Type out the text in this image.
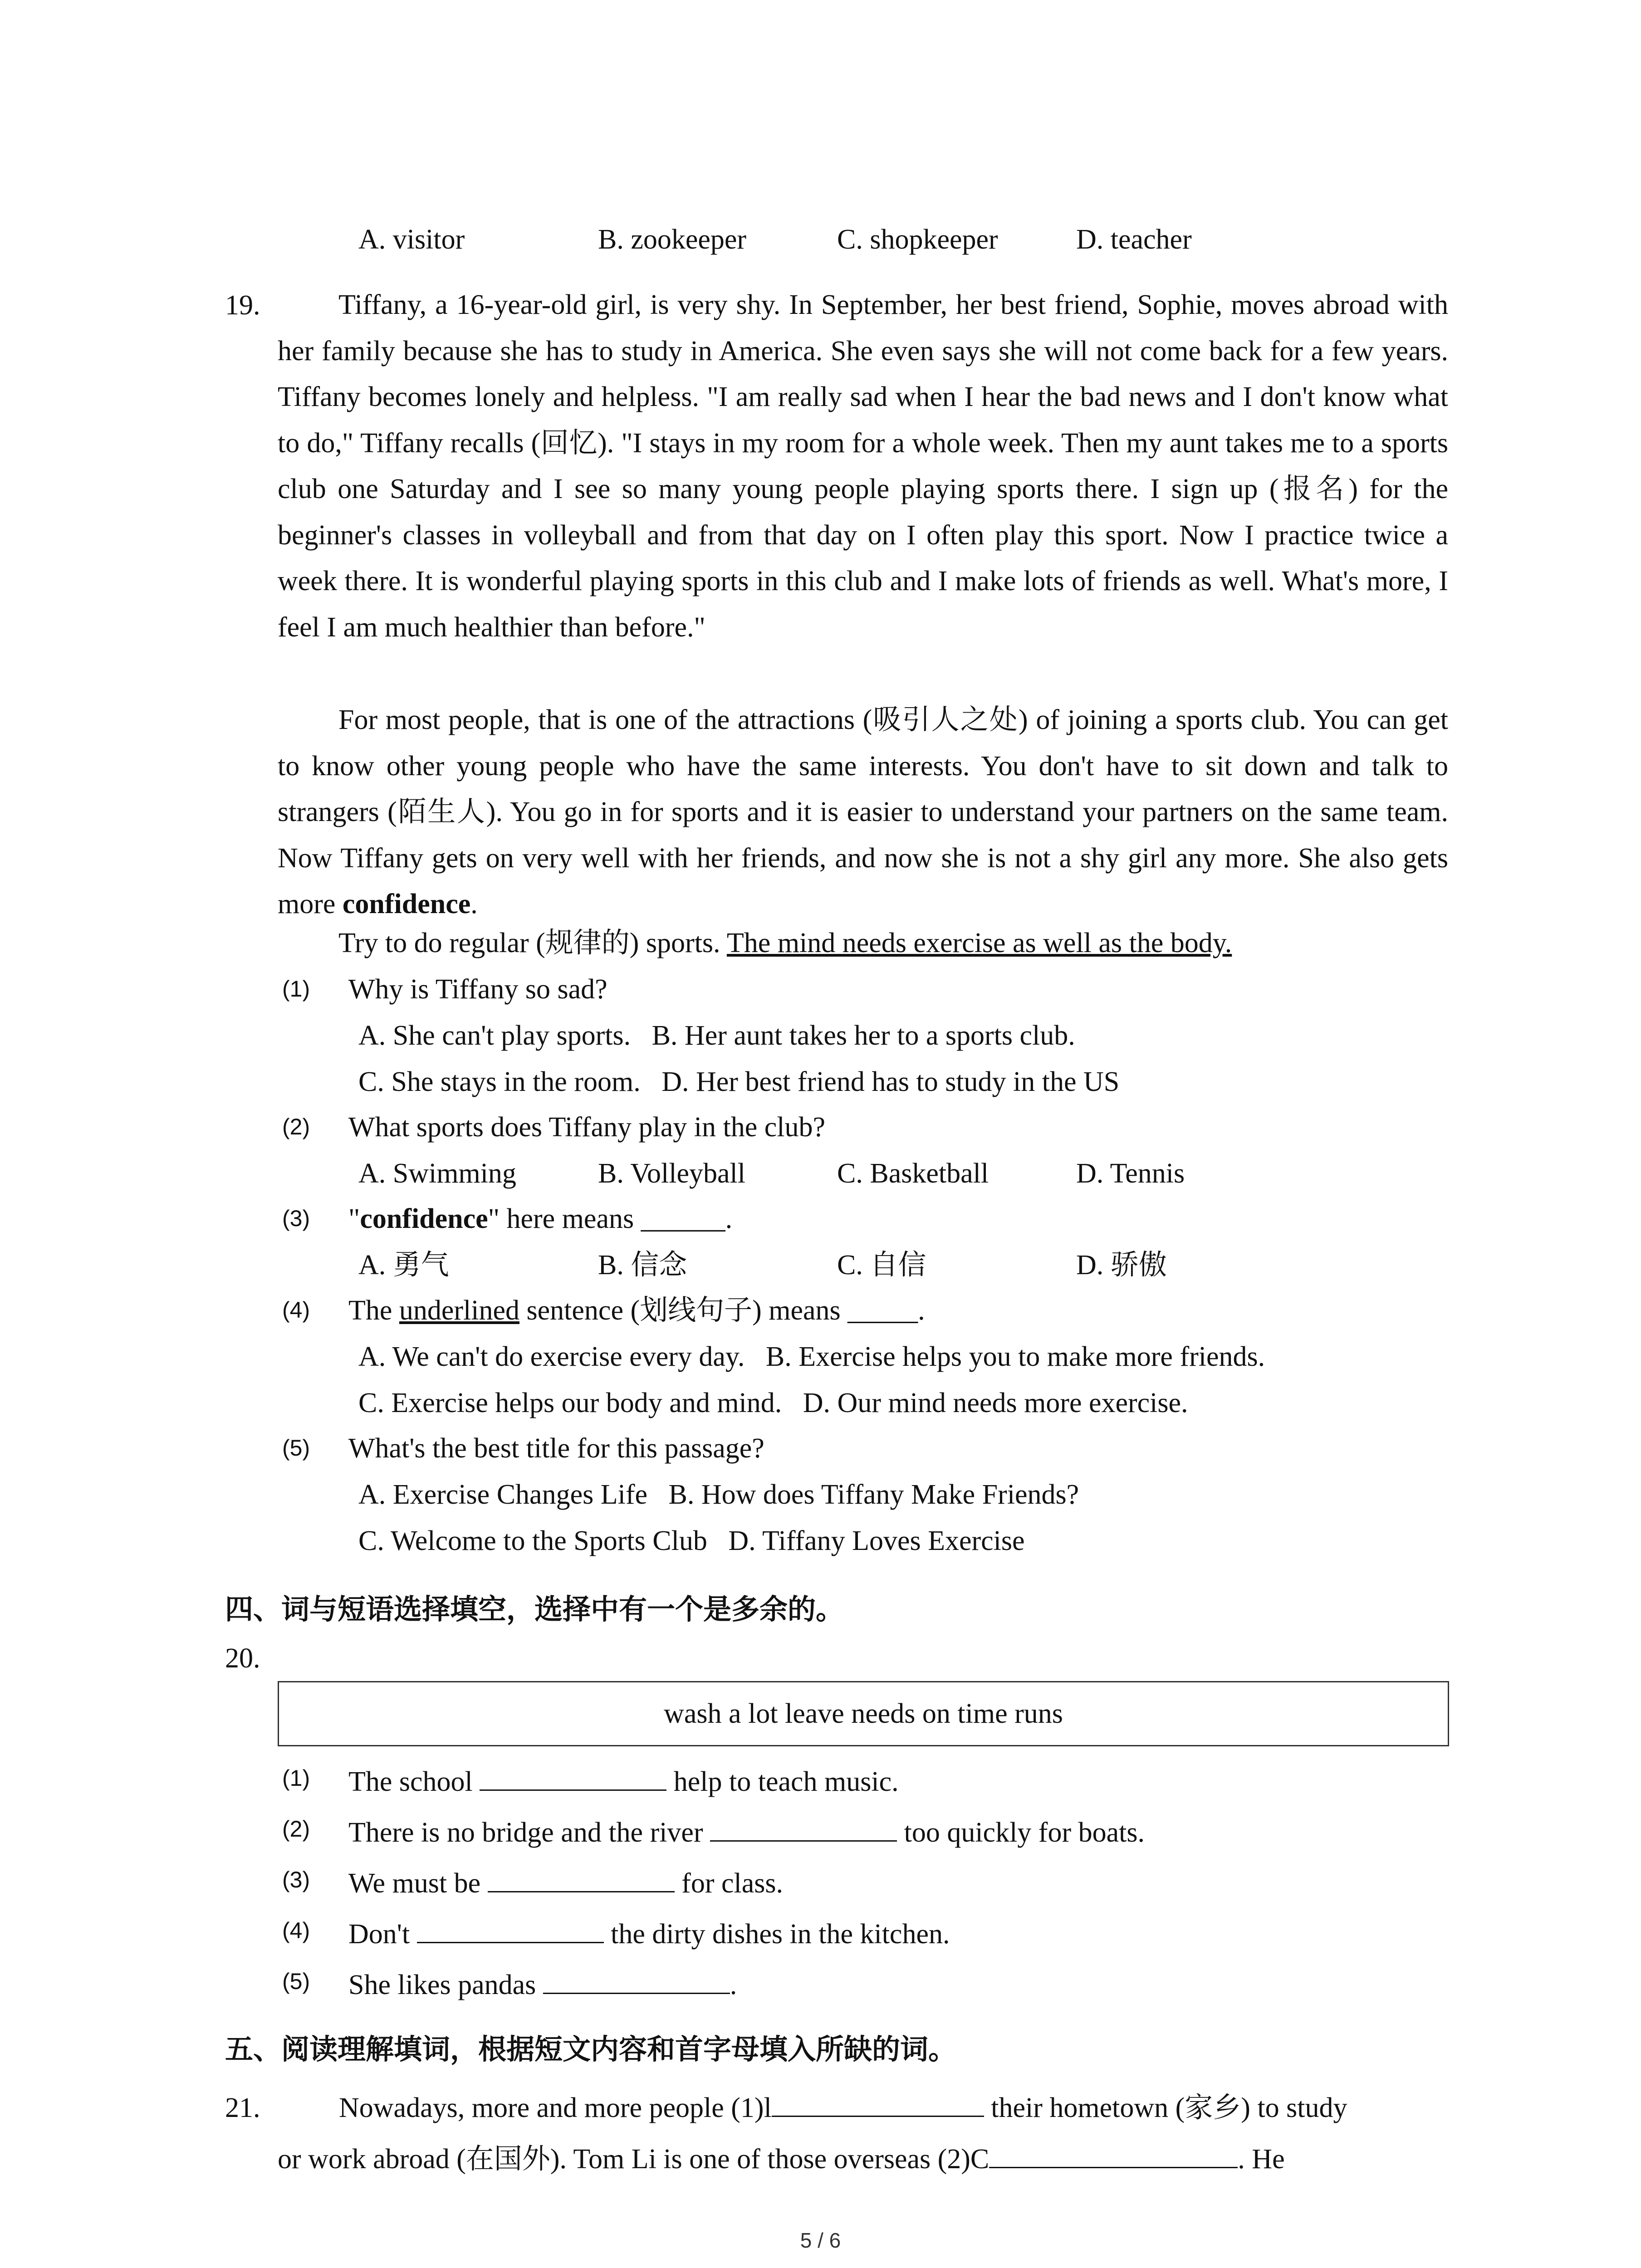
A. visitor	B. zookeeper	C. shopkeeper	D. teacher
19.	Tiffany, a 16-year-old girl, is very shy. In September, her best friend, Sophie, moves abroad with her family because she has to study in America. She even says she will not come back for a few years. Tiffany becomes lonely and helpless. "I am really sad when I hear the bad news and I don't know what to do," Tiffany recalls (回忆). "I stays in my room for a whole week. Then my aunt takes me to a sports club one Saturday and I see so many young people playing sports there. I sign up (报名) for the beginner's classes in volleyball and from that day on I often play this sport. Now I practice twice a week there. It is wonderful playing sports in this club and I make lots of friends as well. What's more, I feel I am much healthier than before."
For most people, that is one of the attractions (吸引人之处) of joining a sports club. You can get to know other young people who have the same interests. You don't have to sit down and talk to strangers (陌生人). You go in for sports and it is easier to understand your partners on the same team. Now Tiffany gets on very well with her friends, and now she is not a shy girl any more. She also gets more confidence.
Try to do regular (规律的) sports. The mind needs exercise as well as the body.
(1) Why is Tiffany so sad?
A. She can't play sports.   B. Her aunt takes her to a sports club.
C. She stays in the room.   D. Her best friend has to study in the US
(2) What sports does Tiffany play in the club?
A. Swimming	B. Volleyball	C. Basketball	D. Tennis
(3) "confidence" here means ______.
A. 勇气	B. 信念	C. 自信	D. 骄傲
(4) The underlined sentence (划线句子) means _____.
A. We can't do exercise every day.   B. Exercise helps you to make more friends.
C. Exercise helps our body and mind.   D. Our mind needs more exercise.
(5) What's the best title for this passage?
A. Exercise Changes Life   B. How does Tiffany Make Friends?
C. Welcome to the Sports Club   D. Tiffany Loves Exercise
四、词与短语选择填空，选择中有一个是多余的。
20.
wash a lot leave needs on time runs
(1) The school	help to teach music.
(2) There is no bridge and the river	too quickly for boats.
(3) We must be	for class.
(4) Don't	the dirty dishes in the kitchen.
(5) She likes pandas	.
五、阅读理解填词，根据短文内容和首字母填入所缺的词。
21.	Nowadays, more and more people (1)l	their hometown (家乡) to study
or work abroad (在国外). Tom Li is one of those overseas (2)C	. He
5 / 6
